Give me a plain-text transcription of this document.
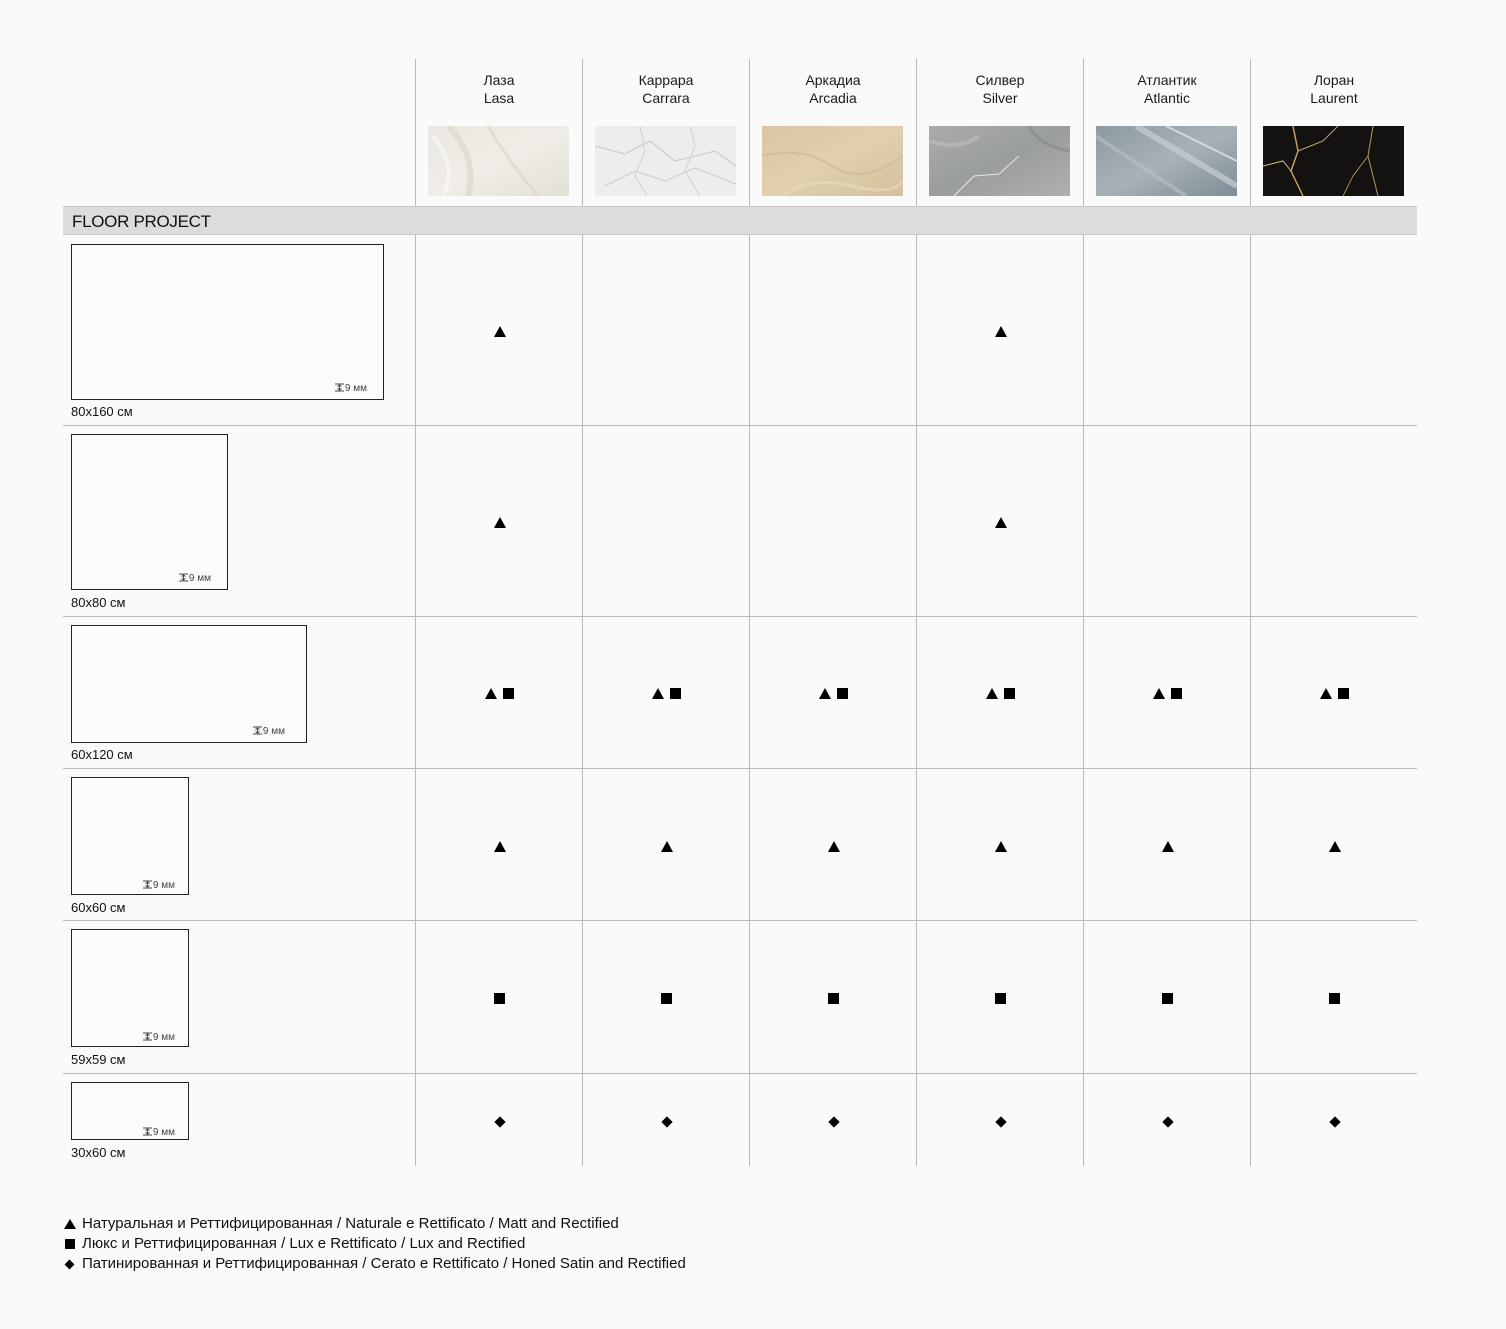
Лаза
Lasa
Каррара
Carrara
Аркадиа
Arcadia
Силвер
Silver
Атлантик
Atlantic
Лоран
Laurent
FLOOR PROJECT
9 мм
80x160 см
9 мм
80x80 см
9 мм
60x120 см
9 мм
60x60 см
9 мм
59x59 см
9 мм
30x60 см
Натуральная и Реттифицированная / Naturale e Rettificato / Matt and Rectified
Люкс и Реттифицированная / Lux e Rettificato / Lux and Rectified
Патинированная и Реттифицированная / Cerato e Rettificato / Honed Satin and Rectified
